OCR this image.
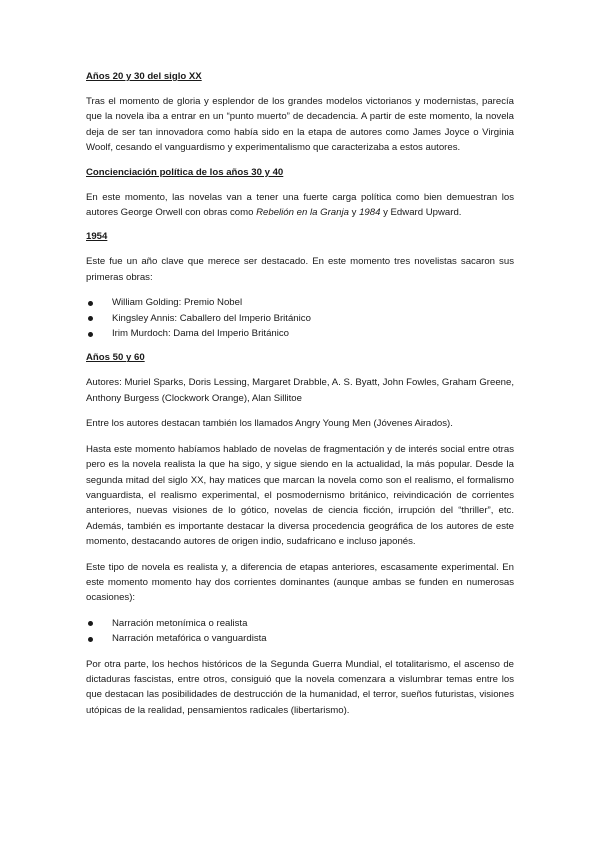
Años 20 y 30 del siglo XX

Tras el momento de gloria y esplendor de los grandes modelos victorianos y modernistas, parecía que la novela iba a entrar en un “punto muerto” de decadencia. A partir de este momento, la novela deja de ser tan innovadora como había sido en la etapa de autores como James Joyce o Virginia Woolf, cesando el vanguardismo y experimentalismo que caracterizaba a estos autores.

Concienciación política de los años 30 y 40

En este momento, las novelas van a tener una fuerte carga política como bien demuestran los autores George Orwell con obras como Rebelión en la Granja y 1984 y Edward Upward.

1954

Este fue un año clave que merece ser destacado. En este momento tres novelistas sacaron sus primeras obras:

William Golding: Premio Nobel
Kingsley Annis: Caballero del Imperio Británico
Irim Murdoch: Dama del Imperio Británico

Años 50 y 60

Autores: Muriel Sparks, Doris Lessing, Margaret Drabble, A. S. Byatt, John Fowles, Graham Greene, Anthony Burgess (Clockwork Orange), Alan Sillitoe

Entre los autores destacan también los llamados Angry Young Men (Jóvenes Airados).

Hasta este momento habíamos hablado de novelas de fragmentación y de interés social entre otras pero es la novela realista la que ha sigo, y sigue siendo en la actualidad, la más popular. Desde la segunda mitad del siglo XX, hay matices que marcan la novela como son el realismo, el formalismo vanguardista, el realismo experimental, el posmodernismo británico, reivindicación de corrientes anteriores, nuevas visiones de lo gótico, novelas de ciencia ficción, irrupción del “thriller”, etc. Además, también es importante destacar la diversa procedencia geográfica de los autores de este momento, destacando autores de origen indio, sudafricano e incluso japonés.

Este tipo de novela es realista y, a diferencia de etapas anteriores, escasamente experimental. En este momento momento hay dos corrientes dominantes (aunque ambas se funden en numerosas ocasiones):

Narración metonímica o realista
Narración metafórica o vanguardista

Por otra parte, los hechos históricos de la Segunda Guerra Mundial, el totalitarismo, el ascenso de dictaduras fascistas, entre otros, consiguió que la novela comenzara a vislumbrar temas entre los que destacan las posibilidades de destrucción de la humanidad, el terror, sueños futuristas, visiones utópicas de la realidad, pensamientos radicales (libertarismo).
